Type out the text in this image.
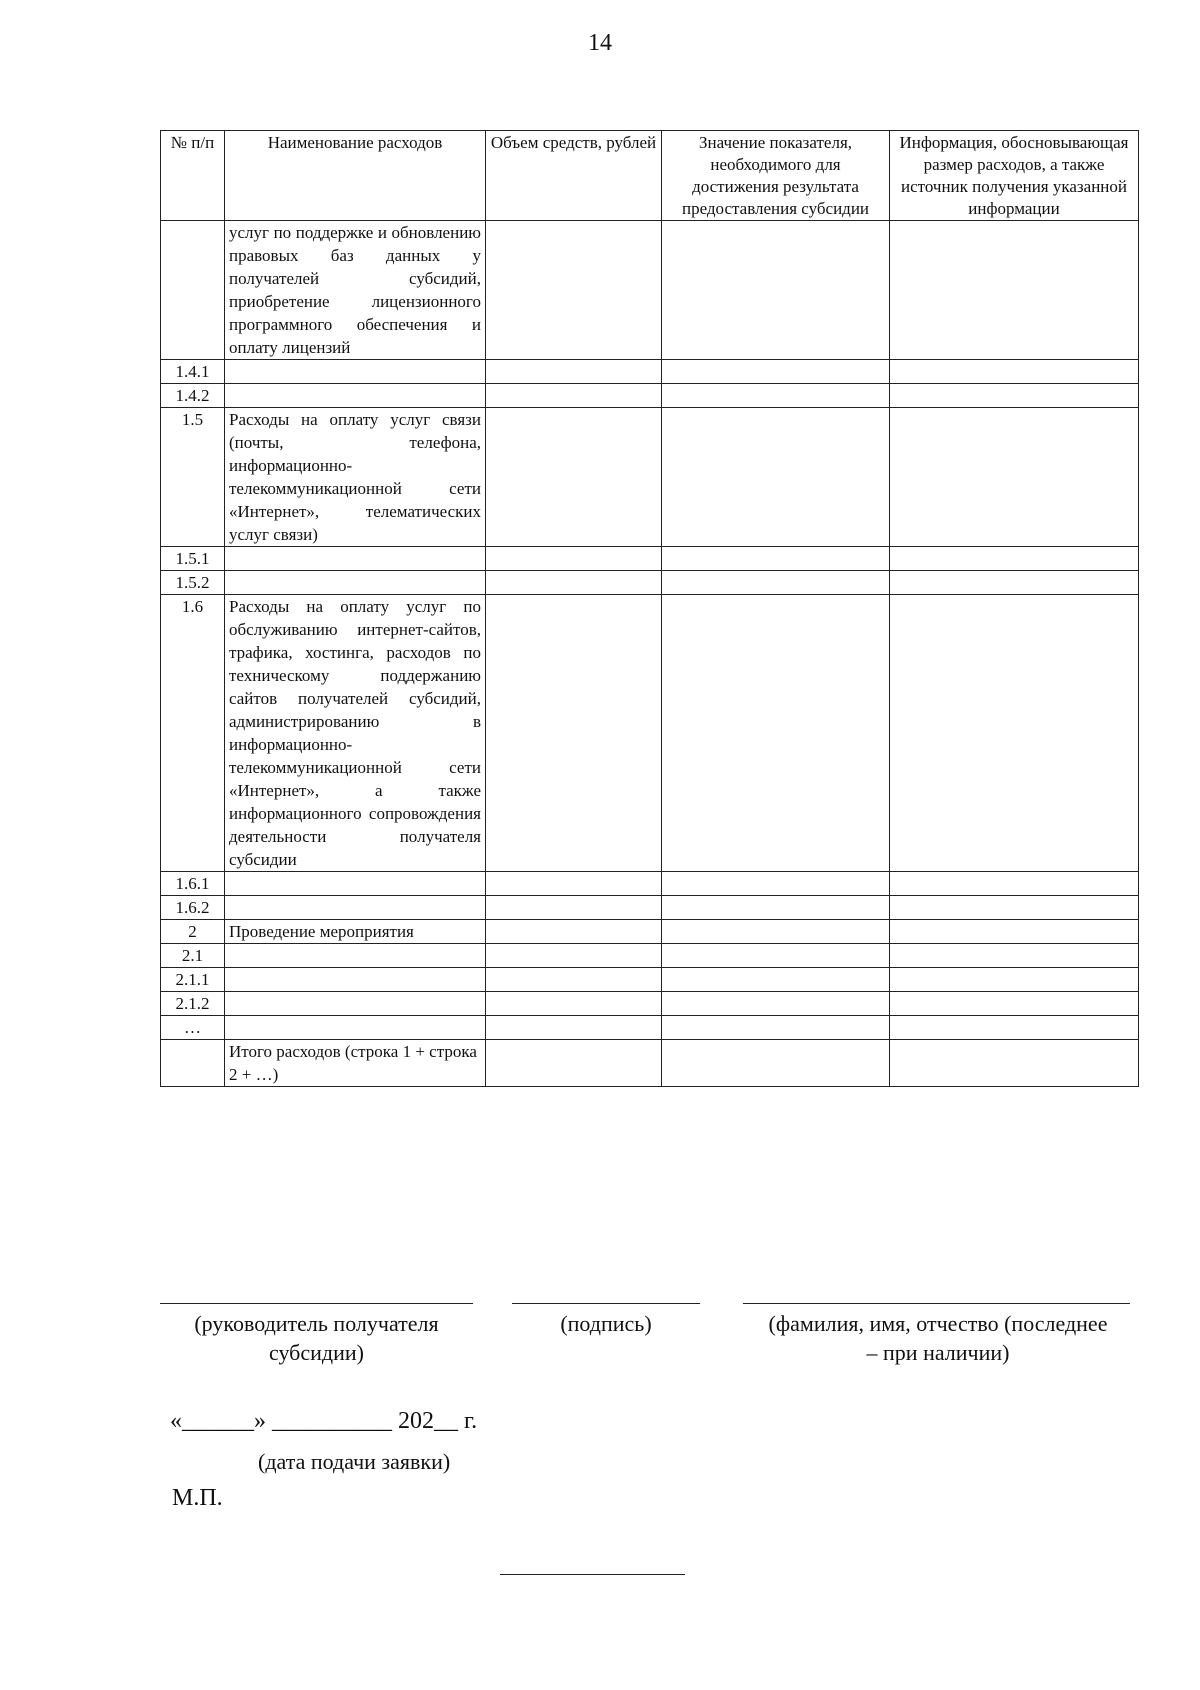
14
№ п/п	Наименование расходов	Объем средств, рублей	Значение показателя, необходимого для достижения результата предоставления субсидии	Информация, обосновывающая размер расходов, а также источник получения указанной информации
	услуг по поддержке и обновлению правовых баз данных у получателей субсидий, приобретение лицензионного программного обеспечения и оплату лицензий			
1.4.1				
1.4.2				
1.5	Расходы на оплату услуг связи (почты, телефона, информационно-телекоммуникационной сети «Интернет», телематических услуг связи)			
1.5.1				
1.5.2				
1.6	Расходы на оплату услуг по обслуживанию интернет-сайтов, трафика, хостинга, расходов по техническому поддержанию сайтов получателей субсидий, администрированию в информационно-телекоммуникационной сети «Интернет», а также информационного сопровождения деятельности получателя субсидии			
1.6.1				
1.6.2				
2	Проведение мероприятия			
2.1				
2.1.1				
2.1.2				
…				
	Итого расходов (строка 1 + строка 2 + …)			
(руководитель получателя субсидии)
(подпись)	(фамилия, имя, отчество (последнее – при наличии)
«______» __________ 202__ г.
(дата подачи заявки)
М.П.
